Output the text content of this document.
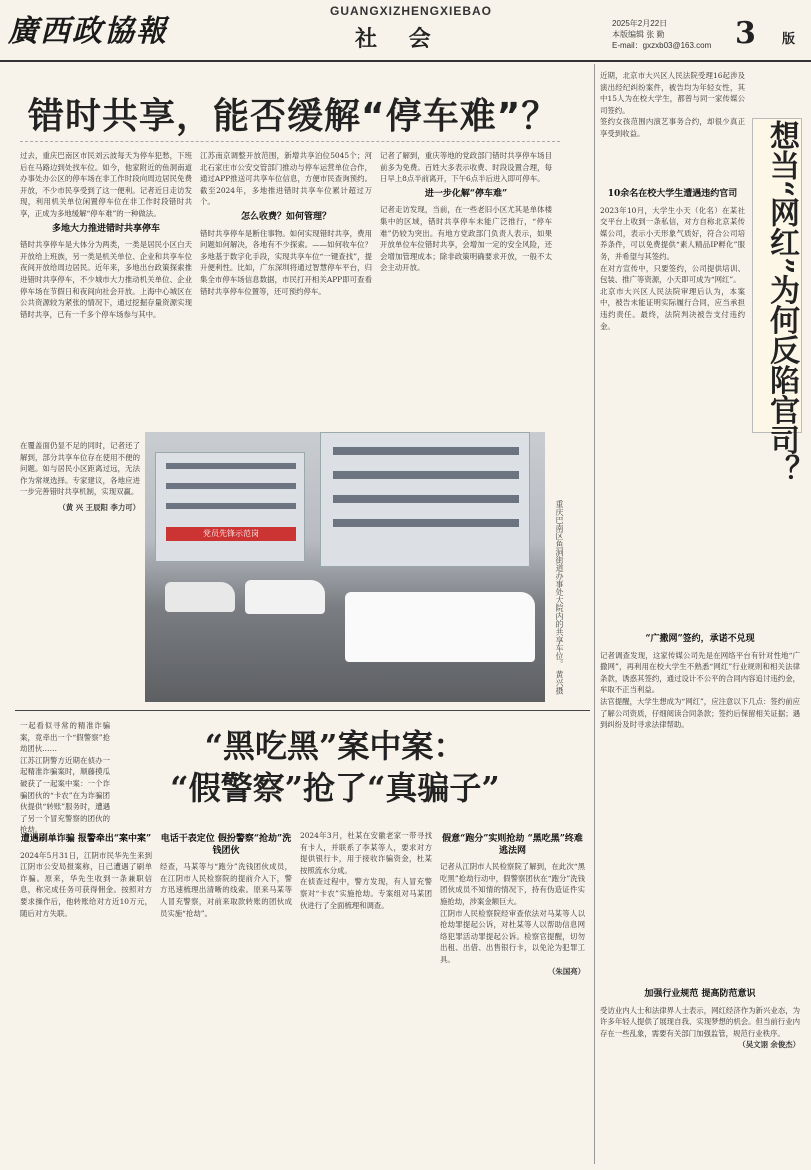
廣西政協報
GUANGXIZHENGXIEBAO
社 会
2025年2月22日
本版编辑 张 勤
E-mail：gxzxb03@163.com 3 版
错时共享，能否缓解“停车难”？

过去，重庆巴南区市民刘云波每天为停车犯愁，下班后在马路边到处找车位。如今，他家附近的鱼洞南道办事处办公区的停车场在非工作时段向周边居民免费开放，不少市民享受到了这一便利。记者近日走访发现，利用机关单位闲置停车位在非工作时段错时共享，正成为多地缓解“停车难”的一种做法。

多地大力推进错时共享停车

错时共享停车是大体分为两类，一类是居民小区白天开放给上班族，另一类是机关单位、企业和共享车位夜间开放给周边居民。近年来，多地出台政策探索推进错时共享停车，不少城市大力推动机关单位、企业停车场在节假日和夜间向社会开放。上海中心城区在公共资源较为紧张的情况下，通过挖掘存量资源实现错时共享，已有一千多个停车场参与其中。

江苏南京调整开放范围，新增共享泊位5045个；河北石家庄市公安交管部门推动与停车运营单位合作，通过APP推送可共享车位信息，方便市民查询预约。截至2024年，多地推进错时共享车位累计超过万个。

怎么收费？如何管理？

错时共享停车是断住事物。如何实现错时共享，费用问题如何解决，各地有不少探索。——如何收车位？多地基于数字化手段，实现共享车位“一键查找”，提升便利性。比如，广东深圳将通过智慧停车平台，归集全市停车场信息数据，市民打开相关APP即可查看错时共享停车位置等，还可预约停车。

记者了解到，重庆等地的党政部门错时共享停车场目前多为免费。百姓大多表示收费、时段设置合理，每日早上8点半前离开，下午6点半后进入即可停车。

进一步化解“停车难”

记者走访发现，当前，在一些老旧小区尤其是单体楼集中的区域，错时共享停车未能广泛推行，“停车难”仍较为突出。有地方党政部门负责人表示，如果开放单位车位错时共享，会增加一定的安全风险，还会增加管理成本；除非政策明确要求开放，一般不太会主动开放。

党员先锋示范岗	重庆巴南区鱼洞街道办事处大院内的共享车位。 黄兴摄

在覆盖面仍显不足的同时，记者还了解到，部分共享车位存在使用不便的问题。如与居民小区距离过远，无法作为常规选择。专家建议，各地应进一步完善错时共享机制，实现双赢。

（黄 兴 王辰阳 李力可）

“黑吃黑”案中案：
“假警察”抢了“真骗子”

一起看似寻常的精准诈骗案，竟牵出一个“假警察”抢劫团伙……

江苏江阴警方近期在侦办一起精准诈骗案时，顺藤摸瓜破获了一起案中案：一个诈骗团伙的“卡农”在为诈骗团伙提供“转账”服务时，遭遇了另一个冒充警察的团伙的抢劫。

遭遇刷单诈骗 报警牵出“案中案”

2024年5月31日，江阴市民华先生来到江阴市公安局报案称，日己遭遇了刷单诈骗。原来，华先生收到一条兼职信息，称完成任务可获得佣金。按照对方要求操作后，他转账给对方近10万元，随后对方失联。

电话干表定位 假扮警察“抢劫”洗钱团伙

经查，马某等与“跑分”洗钱团伙成员，在江阴市人民检察院的提前介入下，警方迅速梳理出清晰的线索。原来马某等人冒充警察，对前来取款转账的团伙成员实施“抢劫”。

2024年3月，杜某在安徽老家一带寻找有卡人，并联系了李某等人，要求对方提供银行卡，用于接收诈骗资金，杜某按照流水分成。

在侦查过程中，警方发现，有人冒充警察对“卡农”实施抢劫。专案组对马某团伙进行了全面梳理和调查。

假意“跑分”实则抢劫 “黑吃黑”终难逃法网

记者从江阴市人民检察院了解到，在此次“黑吃黑”抢劫行动中，假警察团伙在“跑分”洗钱团伙成员不知情的情况下，持有伪造证件实施抢劫，涉案金额巨大。

江阴市人民检察院经审查依法对马某等人以抢劫罪提起公诉，对杜某等人以帮助信息网络犯罪活动罪提起公诉。检察官提醒，切勿出租、出借、出售银行卡，以免沦为犯罪工具。

（朱国亮）

近期，北京市大兴区人民法院受理16起涉及演出经纪纠纷案件，被告均为年轻女性，其中15人为在校大学生，都曾与同一家传媒公司签约。

签约女孩范围内演艺事务合约，却很少真正享受到收益。	想当“网红”为何反陷官司？
10余名在校大学生遭遇违约官司

2023年10月，大学生小天（化名）在某社交平台上收到一条私信，对方自称北京某传媒公司，表示小天形象气质好，符合公司培养条件，可以免费提供“素人精品IP孵化”服务，并希望与其签约。

在对方宣传中，只要签约，公司提供培训、包装、推广等资源，小天即可成为“网红”。

北京市大兴区人民法院审理后认为，本案中，被告未能证明实际履行合同，应当承担违约责任。最终，法院判决被告支付违约金。

“广撒网”签约，承诺不兑现

记者调查发现，这家传媒公司先是在网络平台有针对性地“广撒网”，再利用在校大学生不熟悉“网红”行业规则和相关法律条款，诱惑其签约，通过设计不公平的合同内容追讨违约金，牟取不正当利益。

法官提醒，大学生想成为“网红”，应注意以下几点：签约前应了解公司资质，仔细阅读合同条款；签约后保留相关证据；遇到纠纷及时寻求法律帮助。

加强行业规范 提高防范意识

受访业内人士和法律界人士表示，网红经济作为新兴业态，为许多年轻人提供了展现自我、实现梦想的机会。但当前行业内存在一些乱象，需要有关部门加强监管，规范行业秩序。

（吴文诩 余俊杰）
